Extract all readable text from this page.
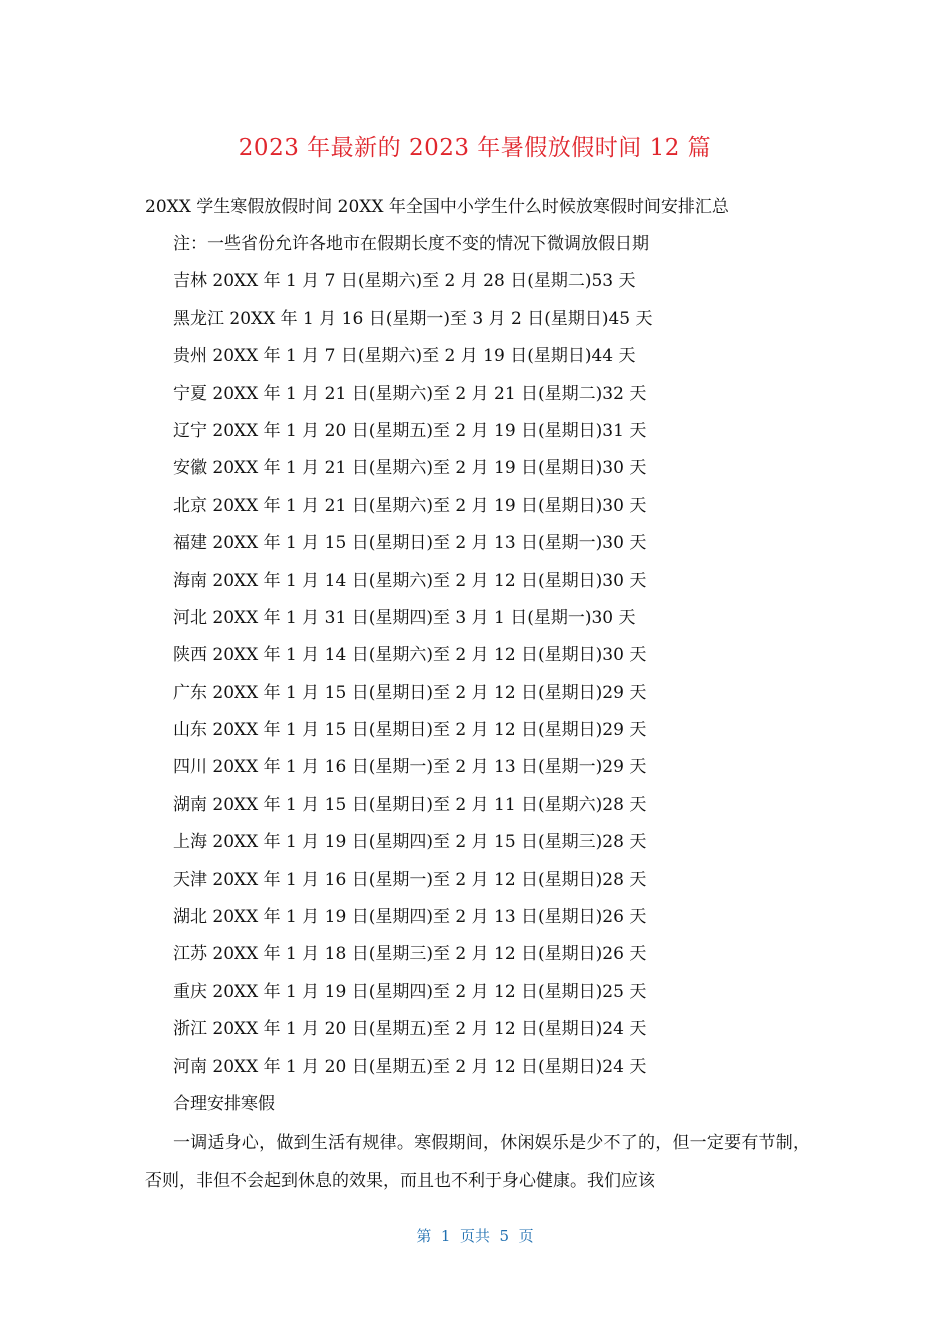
2023 年最新的 2023 年暑假放假时间 12 篇
20XX 学生寒假放假时间 20XX 年全国中小学生什么时候放寒假时间安排汇总
注：一些省份允许各地市在假期长度不变的情况下微调放假日期
吉林 20XX 年 1 月 7 日(星期六)至 2 月 28 日(星期二)53 天
黑龙江 20XX 年 1 月 16 日(星期一)至 3 月 2 日(星期日)45 天
贵州 20XX 年 1 月 7 日(星期六)至 2 月 19 日(星期日)44 天
宁夏 20XX 年 1 月 21 日(星期六)至 2 月 21 日(星期二)32 天
辽宁 20XX 年 1 月 20 日(星期五)至 2 月 19 日(星期日)31 天
安徽 20XX 年 1 月 21 日(星期六)至 2 月 19 日(星期日)30 天
北京 20XX 年 1 月 21 日(星期六)至 2 月 19 日(星期日)30 天
福建 20XX 年 1 月 15 日(星期日)至 2 月 13 日(星期一)30 天
海南 20XX 年 1 月 14 日(星期六)至 2 月 12 日(星期日)30 天
河北 20XX 年 1 月 31 日(星期四)至 3 月 1 日(星期一)30 天
陕西 20XX 年 1 月 14 日(星期六)至 2 月 12 日(星期日)30 天
广东 20XX 年 1 月 15 日(星期日)至 2 月 12 日(星期日)29 天
山东 20XX 年 1 月 15 日(星期日)至 2 月 12 日(星期日)29 天
四川 20XX 年 1 月 16 日(星期一)至 2 月 13 日(星期一)29 天
湖南 20XX 年 1 月 15 日(星期日)至 2 月 11 日(星期六)28 天
上海 20XX 年 1 月 19 日(星期四)至 2 月 15 日(星期三)28 天
天津 20XX 年 1 月 16 日(星期一)至 2 月 12 日(星期日)28 天
湖北 20XX 年 1 月 19 日(星期四)至 2 月 13 日(星期日)26 天
江苏 20XX 年 1 月 18 日(星期三)至 2 月 12 日(星期日)26 天
重庆 20XX 年 1 月 19 日(星期四)至 2 月 12 日(星期日)25 天
浙江 20XX 年 1 月 20 日(星期五)至 2 月 12 日(星期日)24 天
河南 20XX 年 1 月 20 日(星期五)至 2 月 12 日(星期日)24 天
合理安排寒假
一调适身心，做到生活有规律。寒假期间，休闲娱乐是少不了的，但一定要有节制，否则，非但不会起到休息的效果，而且也不利于身心健康。我们应该
第  1  页共  5  页
